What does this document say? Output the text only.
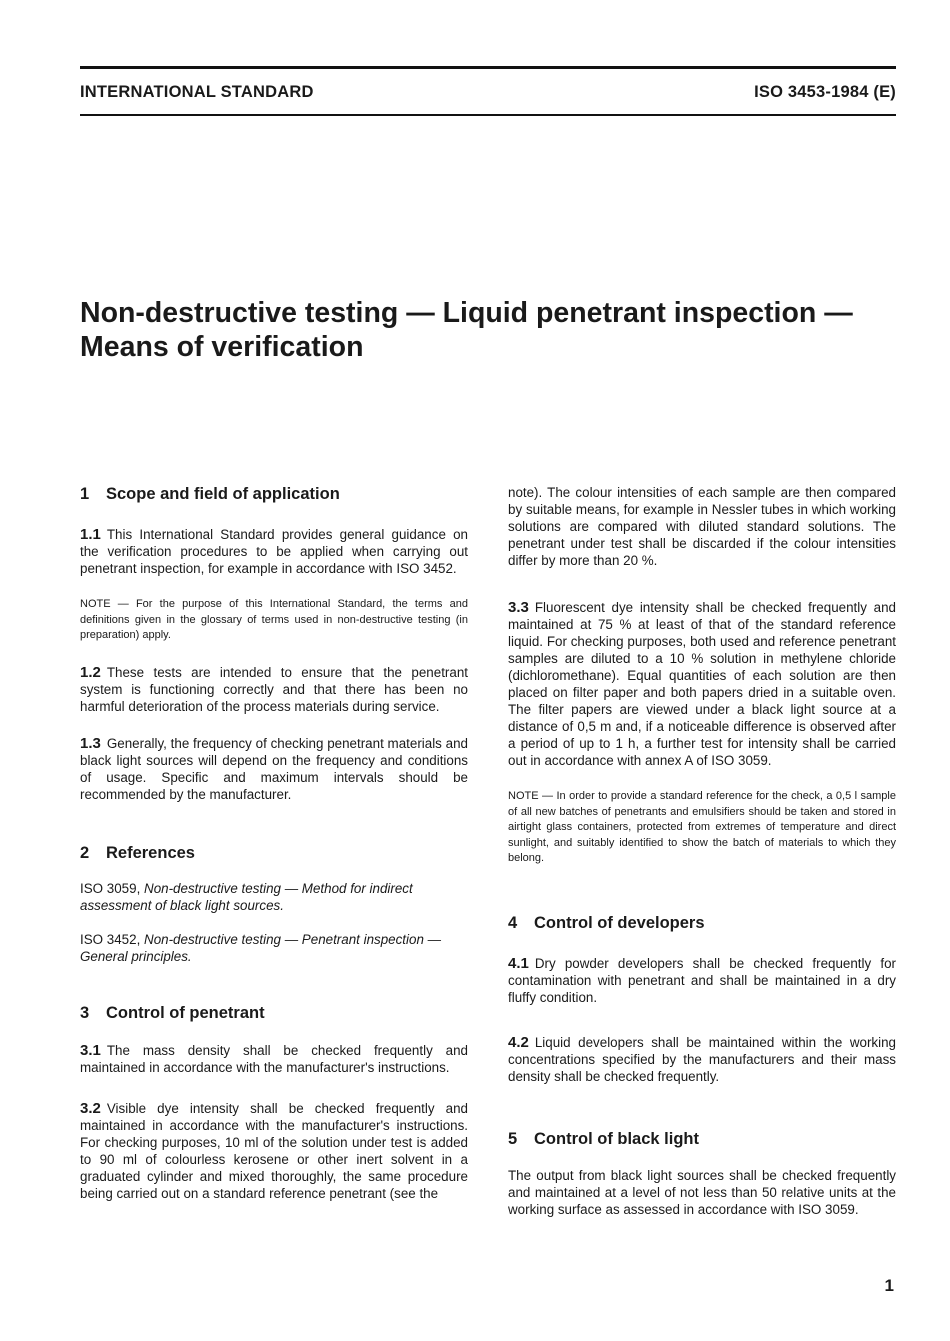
INTERNATIONAL STANDARD	ISO 3453-1984 (E)
Non-destructive testing — Liquid penetrant inspection —
Means of verification
1 Scope and field of application

1.1 This International Standard provides general guidance on the verification procedures to be applied when carrying out penetrant inspection, for example in accordance with ISO 3452.

NOTE — For the purpose of this International Standard, the terms and definitions given in the glossary of terms used in non-destructive testing (in preparation) apply.

1.2 These tests are intended to ensure that the penetrant system is functioning correctly and that there has been no harmful deterioration of the process materials during service.

1.3 Generally, the frequency of checking penetrant materials and black light sources will depend on the frequency and conditions of usage. Specific and maximum intervals should be recommended by the manufacturer.

2 References

ISO 3059, Non-destructive testing — Method for indirect assessment of black light sources.

ISO 3452, Non-destructive testing — Penetrant inspection — General principles.

3 Control of penetrant

3.1 The mass density shall be checked frequently and maintained in accordance with the manufacturer's instructions.

3.2 Visible dye intensity shall be checked frequently and maintained in accordance with the manufacturer's instructions. For checking purposes, 10 ml of the solution under test is added to 90 ml of colourless kerosene or other inert solvent in a graduated cylinder and mixed thoroughly, the same procedure being carried out on a standard reference penetrant (see the

note). The colour intensities of each sample are then compared by suitable means, for example in Nessler tubes in which working solutions are compared with diluted standard solutions. The penetrant under test shall be discarded if the colour intensities differ by more than 20 %.

3.3 Fluorescent dye intensity shall be checked frequently and maintained at 75 % at least of that of the standard reference liquid. For checking purposes, both used and reference penetrant samples are diluted to a 10 % solution in methylene chloride (dichloromethane). Equal quantities of each solution are then placed on filter paper and both papers dried in a suitable oven. The filter papers are viewed under a black light source at a distance of 0,5 m and, if a noticeable difference is observed after a period of up to 1 h, a further test for intensity shall be carried out in accordance with annex A of ISO 3059.

NOTE — In order to provide a standard reference for the check, a 0,5 l sample of all new batches of penetrants and emulsifiers should be taken and stored in airtight glass containers, protected from extremes of temperature and direct sunlight, and suitably identified to show the batch of materials to which they belong.

4 Control of developers

4.1 Dry powder developers shall be checked frequently for contamination with penetrant and shall be maintained in a dry fluffy condition.

4.2 Liquid developers shall be maintained within the working concentrations specified by the manufacturers and their mass density shall be checked frequently.

5 Control of black light

The output from black light sources shall be checked frequently and maintained at a level of not less than 50 relative units at the working surface as assessed in accordance with ISO 3059.

1
